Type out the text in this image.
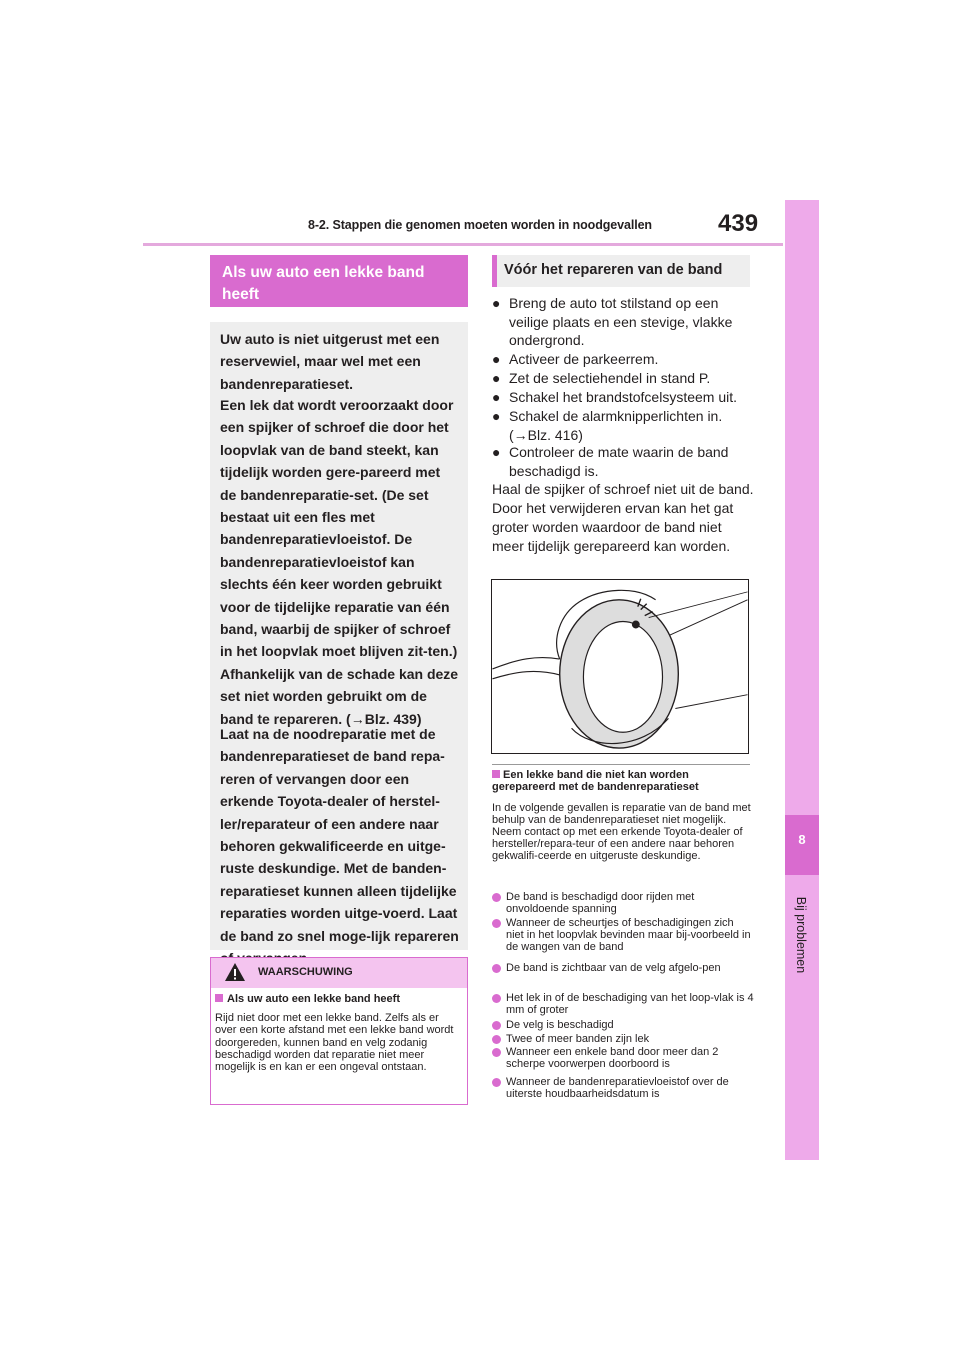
8-2. Stappen die genomen moeten worden in noodgevallen	439
8
Bij problemen
Als uw auto een lekke band heeft
Uw auto is niet uitgerust met een reservewiel, maar wel met een bandenreparatieset.
Een lek dat wordt veroorzaakt door een spijker of schroef die door het loopvlak van de band steekt, kan tijdelijk worden gere-pareerd met de bandenreparatie-set. (De set bestaat uit een fles met bandenreparatievloeistof. De bandenreparatievloeistof kan slechts één keer worden gebruikt voor de tijdelijke reparatie van één band, waarbij de spijker of schroef in het loopvlak moet blijven zit-ten.) Afhankelijk van de schade kan deze set niet worden gebruikt om de band te repareren. (→Blz. 439)
Laat na de noodreparatie met de bandenreparatieset de band repa-reren of vervangen door een erkende Toyota-dealer of herstel-ler/reparateur of een andere naar behoren gekwalificeerde en uitge-ruste deskundige. Met de banden-reparatieset kunnen alleen tijdelijke reparaties worden uitge-voerd. Laat de band zo snel moge-lijk repareren
WAARSCHUWING
Als uw auto een lekke band heeft
Rijd niet door met een lekke band. Zelfs als er over een korte afstand met een lekke band wordt doorgereden, kunnen band en velg zodanig beschadigd worden dat reparatie niet meer mogelijk is en kan er een ongeval ontstaan.
Vóór het repareren van de band
● Breng de auto tot stilstand op een veilige plaats en een stevige, vlakke ondergrond.
● Activeer de parkeerrem.
● Zet de selectiehendel in stand P.
● Schakel het brandstofcelsysteem uit.
● Schakel de alarmknipperlichten in. (→Blz. 416)
● Controleer de mate waarin de band beschadigd is.
Haal de spijker of schroef niet uit de band. Door het verwijderen ervan kan het gat groter worden waardoor de band niet meer tijdelijk gerepareerd kan worden.
Een lekke band die niet kan worden gerepareerd met de bandenreparatieset
In de volgende gevallen is reparatie van de band met behulp van de bandenreparatieset niet mogelijk. Neem contact op met een erkende Toyota-dealer of hersteller/repara-teur of een andere naar behoren gekwalifi-ceerde en uitgeruste deskundige.
De band is beschadigd door rijden met onvoldoende spanning
Wanneer de scheurtjes of beschadigingen zich niet in het loopvlak bevinden maar bij-voorbeeld in de wangen van de band
De band is zichtbaar van de velg afgelo-pen
Het lek in of de beschadiging van het loop-vlak is 4 mm of groter
De velg is beschadigd
Twee of meer banden zijn lek
Wanneer een enkele band door meer dan 2 scherpe voorwerpen doorboord is
Wanneer de bandenreparatievloeistof over de uiterste houdbaarheidsdatum is
